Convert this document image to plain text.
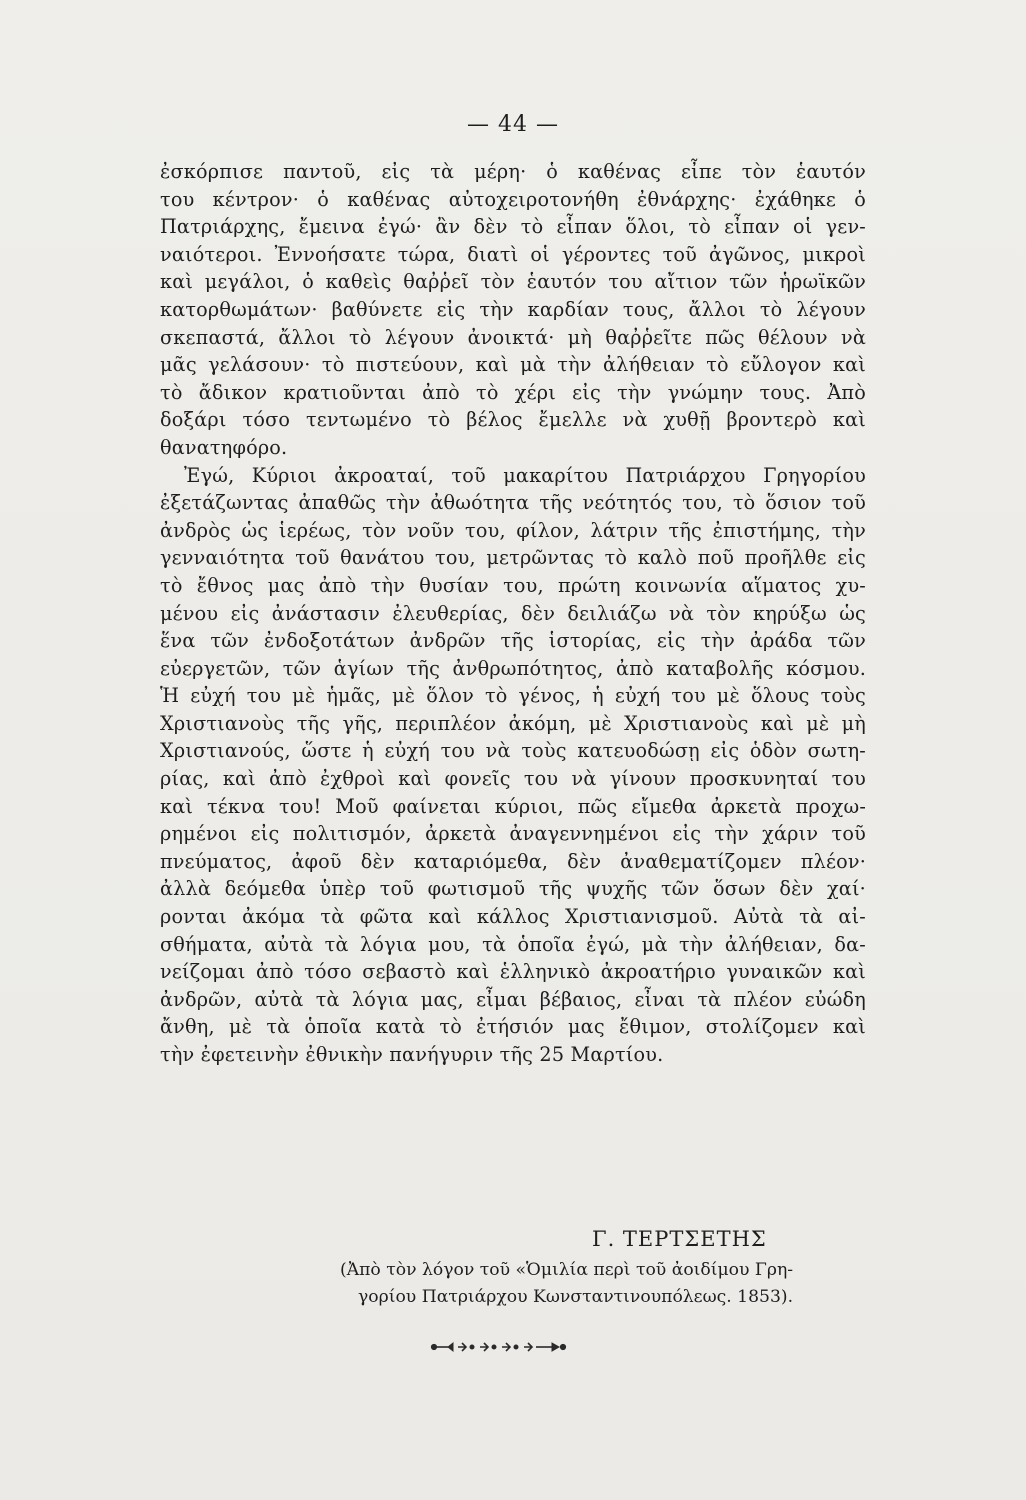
— 44 —
ἐσκόρπισε παντοῦ, εἰς τὰ μέρη· ὁ καθένας εἶπε τὸν ἑαυτόν
του κέντρον· ὁ καθένας αὐτοχειροτονήθη ἐθνάρχης· ἐχάθηκε ὁ
Πατριάρχης, ἔμεινα ἐγώ· ἂν δὲν τὸ εἶπαν ὅλοι, τὸ εἶπαν οἱ γεν-
ναιότεροι. Ἐννοήσατε τώρα, διατὶ οἱ γέροντες τοῦ ἀγῶνος, μικροὶ
καὶ μεγάλοι, ὁ καθεὶς θαῤῥεῖ τὸν ἑαυτόν του αἴτιον τῶν ἡρωϊκῶν
κατορθωμάτων· βαθύνετε εἰς τὴν καρδίαν τους, ἄλλοι τὸ λέγουν
σκεπαστά, ἄλλοι τὸ λέγουν ἀνοικτά· μὴ θαῤῥεῖτε πῶς θέλουν νὰ
μᾶς γελάσουν· τὸ πιστεύουν, καὶ μὰ τὴν ἀλήθειαν τὸ εὔλογον καὶ
τὸ ἄδικον κρατιοῦνται ἀπὸ τὸ χέρι εἰς τὴν γνώμην τους. Ἀπὸ
δοξάρι τόσο τεντωμένο τὸ βέλος ἔμελλε νὰ χυθῇ βροντερὸ καὶ
θανατηφόρο.
Ἐγώ, Κύριοι ἀκροαταί, τοῦ μακαρίτου Πατριάρχου Γρηγορίου
ἐξετάζωντας ἀπαθῶς τὴν ἀθωότητα τῆς νεότητός του, τὸ ὅσιον τοῦ
ἀνδρὸς ὡς ἱερέως, τὸν νοῦν του, φίλον, λάτριν τῆς ἐπιστήμης, τὴν
γενναιότητα τοῦ θανάτου του, μετρῶντας τὸ καλὸ ποῦ προῆλθε εἰς
τὸ ἔθνος μας ἀπὸ τὴν θυσίαν του, πρώτη κοινωνία αἵματος χυ-
μένου εἰς ἀνάστασιν ἐλευθερίας, δὲν δειλιάζω νὰ τὸν κηρύξω ὡς
ἕνα τῶν ἐνδοξοτάτων ἀνδρῶν τῆς ἱστορίας, εἰς τὴν ἀράδα τῶν
εὐεργετῶν, τῶν ἁγίων τῆς ἀνθρωπότητος, ἀπὸ καταβολῆς κόσμου.
Ἡ εὐχή του μὲ ἡμᾶς, μὲ ὅλον τὸ γένος, ἡ εὐχή του μὲ ὅλους τοὺς
Χριστιανοὺς τῆς γῆς, περιπλέον ἀκόμη, μὲ Χριστιανοὺς καὶ μὲ μὴ
Χριστιανούς, ὥστε ἡ εὐχή του νὰ τοὺς κατευοδώσῃ εἰς ὁδὸν σωτη-
ρίας, καὶ ἀπὸ ἐχθροὶ καὶ φονεῖς του νὰ γίνουν προσκυνηταί του
καὶ τέκνα του! Μοῦ φαίνεται κύριοι, πῶς εἴμεθα ἀρκετὰ προχω-
ρημένοι εἰς πολιτισμόν, ἀρκετὰ ἀναγεννημένοι εἰς τὴν χάριν τοῦ
πνεύματος, ἀφοῦ δὲν καταριόμεθα, δὲν ἀναθεματίζομεν πλέον·
ἀλλὰ δεόμεθα ὑπὲρ τοῦ φωτισμοῦ τῆς ψυχῆς τῶν ὅσων δὲν χαί·
ρονται ἀκόμα τὰ φῶτα καὶ κάλλος Χριστιανισμοῦ. Αὐτὰ τὰ αἰ-
σθήματα, αὐτὰ τὰ λόγια μου, τὰ ὁποῖα ἐγώ, μὰ τὴν ἀλήθειαν, δα-
νείζομαι ἀπὸ τόσο σεβαστὸ καὶ ἑλληνικὸ ἀκροατήριο γυναικῶν καὶ
ἀνδρῶν, αὐτὰ τὰ λόγια μας, εἶμαι βέβαιος, εἶναι τὰ πλέον εὐώδη
ἄνθη, μὲ τὰ ὁποῖα κατὰ τὸ ἐτήσιόν μας ἔθιμον, στολίζομεν καὶ
τὴν ἐφετεινὴν ἐθνικὴν πανήγυριν τῆς 25 Μαρτίου.
Γ. ΤΕΡΤΣΕΤΗΣ
(Ἀπὸ τὸν λόγον τοῦ «Ὁμιλία περὶ τοῦ ἀοιδίμου Γρη-
γορίου Πατριάρχου Κωνσταντινουπόλεως. 1853).
